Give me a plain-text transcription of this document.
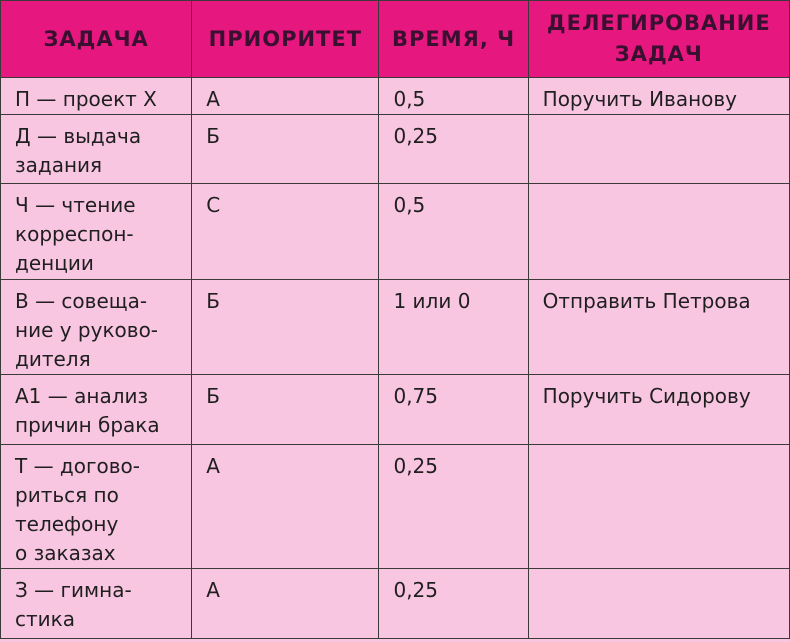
ЗАДАЧА	ПРИОРИТЕТ	ВРЕМЯ, Ч	ДЕЛЕГИРОВАНИЕ
ЗАДАЧ
П — проект X	А	0,5	Поручить Иванову
Д — выдача
задания	Б	0,25	
Ч — чтение
корреспон-
денции	С	0,5	
В — совеща-
ние у руково-
дителя	Б	1 или 0	Отправить Петрова
А1 — анализ
причин брака	Б	0,75	Поручить Сидорову
Т — догово-
риться по
телефону
о заказах	А	0,25	
З — гимна-
стика	А	0,25	
